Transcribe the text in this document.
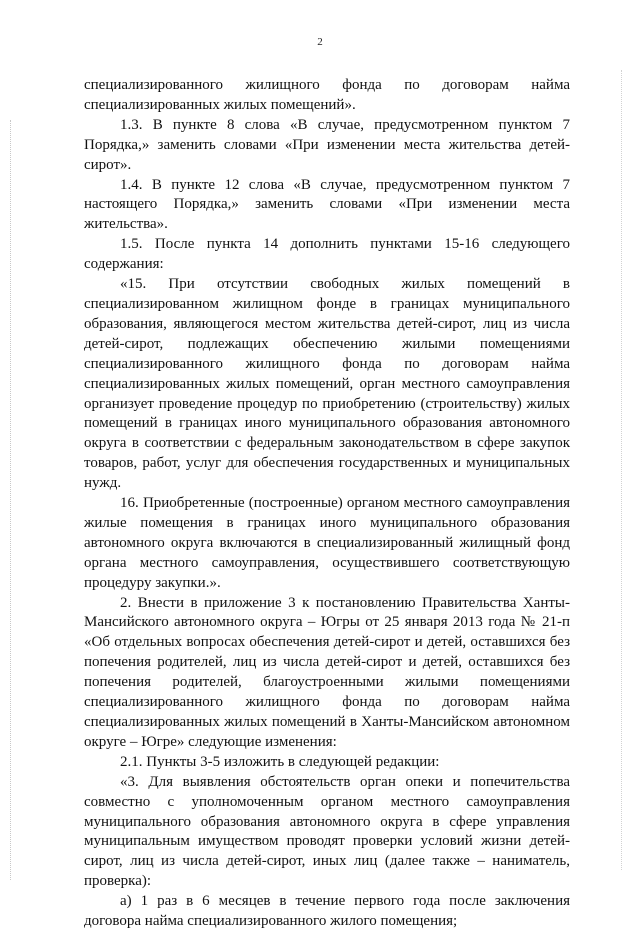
2

специализированного жилищного фонда по договорам найма специализированных жилых помещений».

1.3. В пункте 8 слова «В случае, предусмотренном пунктом 7 Порядка,» заменить словами «При изменении места жительства детей-сирот».

1.4. В пункте 12 слова «В случае, предусмотренном пунктом 7 настоящего Порядка,» заменить словами «При изменении места жительства».

1.5. После пункта 14 дополнить пунктами 15-16 следующего содержания:

«15. При отсутствии свободных жилых помещений в специализированном жилищном фонде в границах муниципального образования, являющегося местом жительства детей-сирот, лиц из числа детей-сирот, подлежащих обеспечению жилыми помещениями специализированного жилищного фонда по договорам найма специализированных жилых помещений, орган местного самоуправления организует проведение процедур по приобретению (строительству) жилых помещений в границах иного муниципального образования автономного округа в соответствии с федеральным законодательством в сфере закупок товаров, работ, услуг для обеспечения государственных и муниципальных нужд.

16. Приобретенные (построенные) органом местного самоуправления жилые помещения в границах иного муниципального образования автономного округа включаются в специализированный жилищный фонд органа местного самоуправления, осуществившего соответствующую процедуру закупки.».

2. Внести в приложение 3 к постановлению Правительства Ханты-Мансийского автономного округа – Югры от 25 января 2013 года № 21-п «Об отдельных вопросах обеспечения детей-сирот и детей, оставшихся без попечения родителей, лиц из числа детей-сирот и детей, оставшихся без попечения родителей, благоустроенными жилыми помещениями специализированного жилищного фонда по договорам найма специализированных жилых помещений в Ханты-Мансийском автономном округе – Югре» следующие изменения:

2.1. Пункты 3-5 изложить в следующей редакции:

«3. Для выявления обстоятельств орган опеки и попечительства совместно с уполномоченным органом местного самоуправления муниципального образования автономного округа в сфере управления муниципальным имуществом проводят проверки условий жизни детей-сирот, лиц из числа детей-сирот, иных лиц (далее также – наниматель, проверка):

а) 1 раз в 6 месяцев в течение первого года после заключения договора найма специализированного жилого помещения;
